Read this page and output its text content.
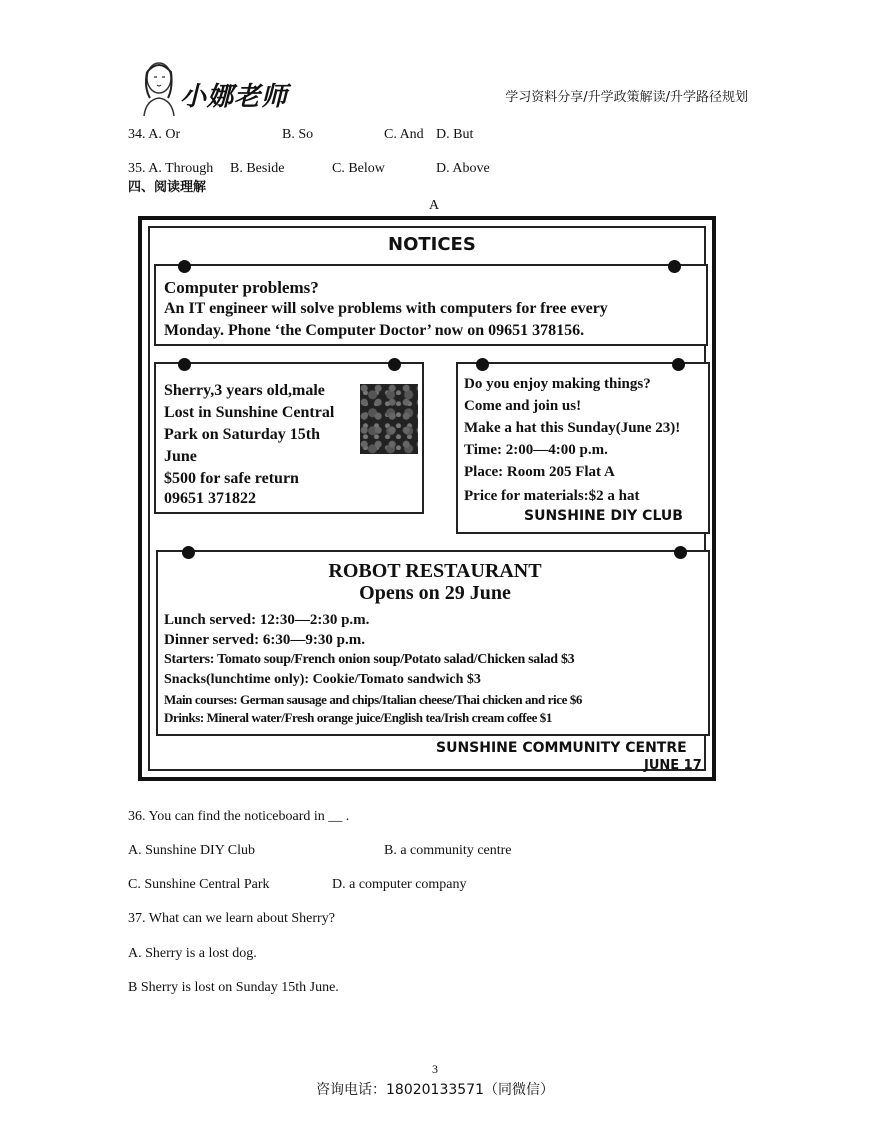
小娜老师	学习资料分享/升学政策解读/升学路径规划
34. A. Or	B. So	C. And D. But
35. A. Through B. Beside	C. Below	D. Above
四、阅读理解
A
NOTICES
Computer problems?
An IT engineer will solve problems with computers for free every
Monday. Phone ‘the Computer Doctor’ now on 09651 378156.
Sherry,3 years old,male
Lost in Sunshine Central
Park on Saturday 15th
June
$500 for safe return
09651 371822
Do you enjoy making things?
Come and join us!
Make a hat this Sunday(June 23)!
Time: 2:00—4:00 p.m.
Place: Room 205 Flat A
Price for materials:$2 a hat
SUNSHINE DIY CLUB
ROBOT RESTAURANT
Opens on 29 June
Lunch served: 12:30—2:30 p.m.
Dinner served: 6:30—9:30 p.m.
Starters: Tomato soup/French onion soup/Potato salad/Chicken salad $3
Snacks(lunchtime only): Cookie/Tomato sandwich $3
Main courses: German sausage and chips/Italian cheese/Thai chicken and rice $6
Drinks: Mineral water/Fresh orange juice/English tea/Irish cream coffee $1
SUNSHINE COMMUNITY CENTRE
JUNE 17
36. You can find the noticeboard in __ .
A. Sunshine DIY Club	B. a community centre
C. Sunshine Central Park	D. a computer company
37. What can we learn about Sherry?
A. Sherry is a lost dog.
B Sherry is lost on Sunday 15th June.
3
咨询电话：18020133571（同微信）
